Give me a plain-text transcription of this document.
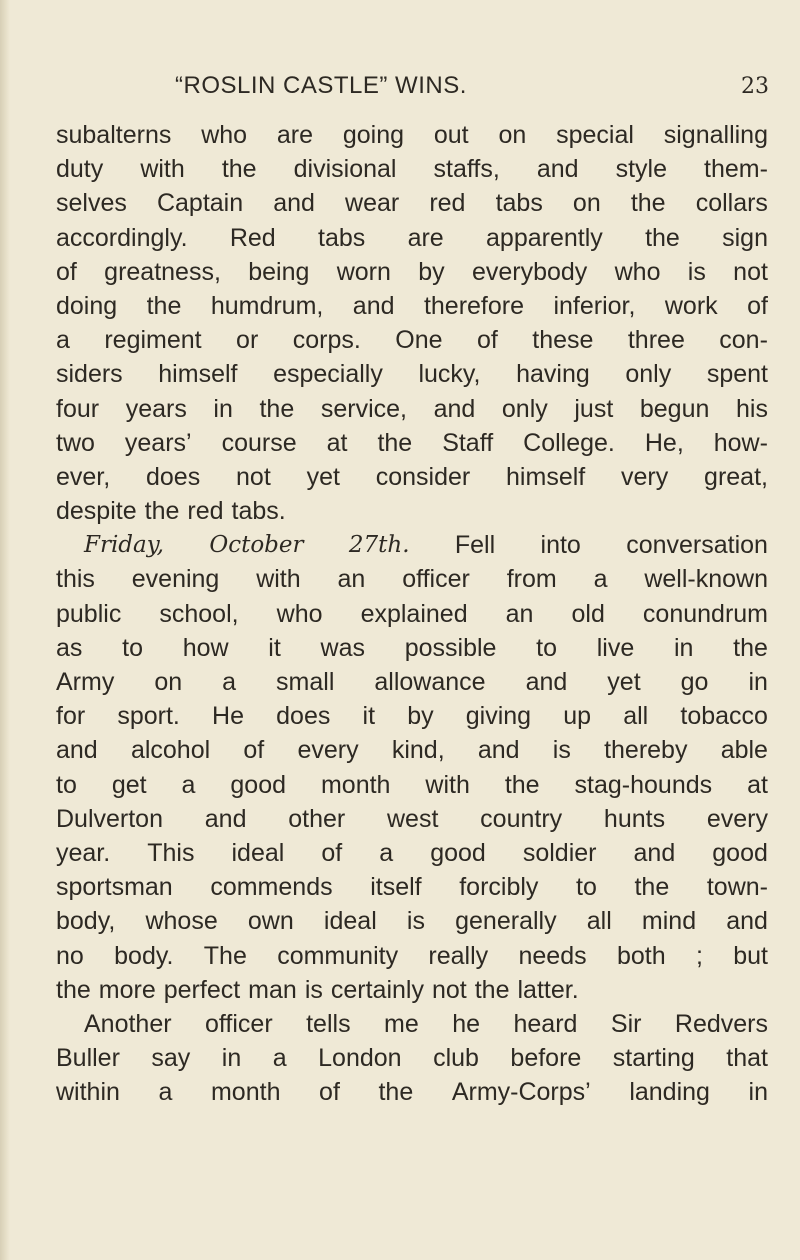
“ROSLIN CASTLE” WINS.	23
subalterns who are going out on special signalling
duty with the divisional staffs, and style them-
selves Captain and wear red tabs on the collars
accordingly. Red tabs are apparently the sign
of greatness, being worn by everybody who is not
doing the humdrum, and therefore inferior, work of
a regiment or corps. One of these three con-
siders himself especially lucky, having only spent
four years in the service, and only just begun his
two years’ course at the Staff College. He, how-
ever, does not yet consider himself very great,
despite the red tabs.
Friday, October 27th. Fell into conversation
this evening with an officer from a well-known
public school, who explained an old conundrum
as to how it was possible to live in the
Army on a small allowance and yet go in
for sport. He does it by giving up all tobacco
and alcohol of every kind, and is thereby able
to get a good month with the stag-hounds at
Dulverton and other west country hunts every
year. This ideal of a good soldier and good
sportsman commends itself forcibly to the town-
body, whose own ideal is generally all mind and
no body. The community really needs both ; but
the more perfect man is certainly not the latter.
Another officer tells me he heard Sir Redvers
Buller say in a London club before starting that
within a month of the Army-Corps’ landing in
